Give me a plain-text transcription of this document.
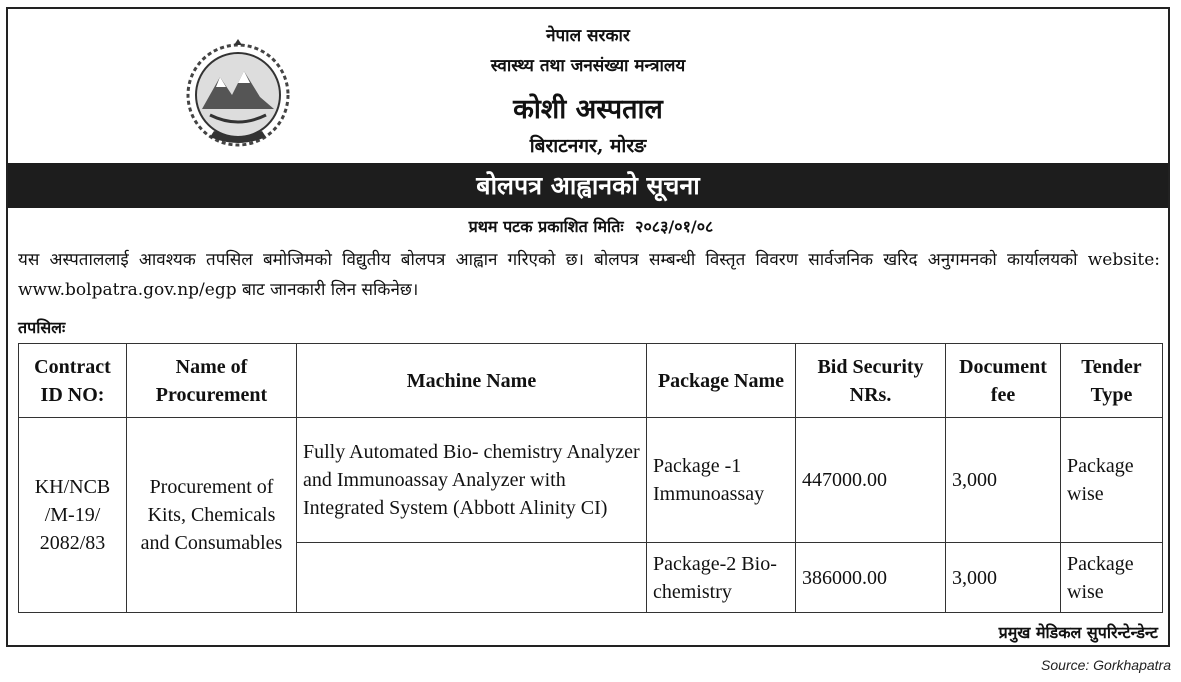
नेपाल सरकार
स्वास्थ्य तथा जनसंख्या मन्त्रालय
कोशी अस्पताल
बिराटनगर, मोरङ
बोलपत्र आह्वानको सूचना
प्रथम पटक प्रकाशित मितिः २०८३/०१/०८
यस अस्पताललाई आवश्यक तपसिल बमोजिमको विद्युतीय बोलपत्र आह्वान गरिएको छ। बोलपत्र सम्बन्धी विस्तृत विवरण सार्वजनिक खरिद अनुगमनको कार्यालयको website: www.bolpatra.gov.np/egp बाट जानकारी लिन सकिनेछ।
तपसिलः
Contract ID NO:	Name of Procurement	Machine Name	Package Name	Bid Security NRs.	Document fee	Tender Type
KH/NCB /M-19/ 2082/83	Procurement of Kits, Chemicals and Consumables	Fully Automated Bio- chemistry Analyzer and Immunoassay Analyzer with Integrated System (Abbott Alinity CI)	Package -1 Immunoassay	447000.00	3,000	Package wise
			Package-2 Bio-chemistry	386000.00	3,000	Package wise
प्रमुख मेडिकल सुपरिन्टेन्डेन्ट
Source: Gorkhapatra
